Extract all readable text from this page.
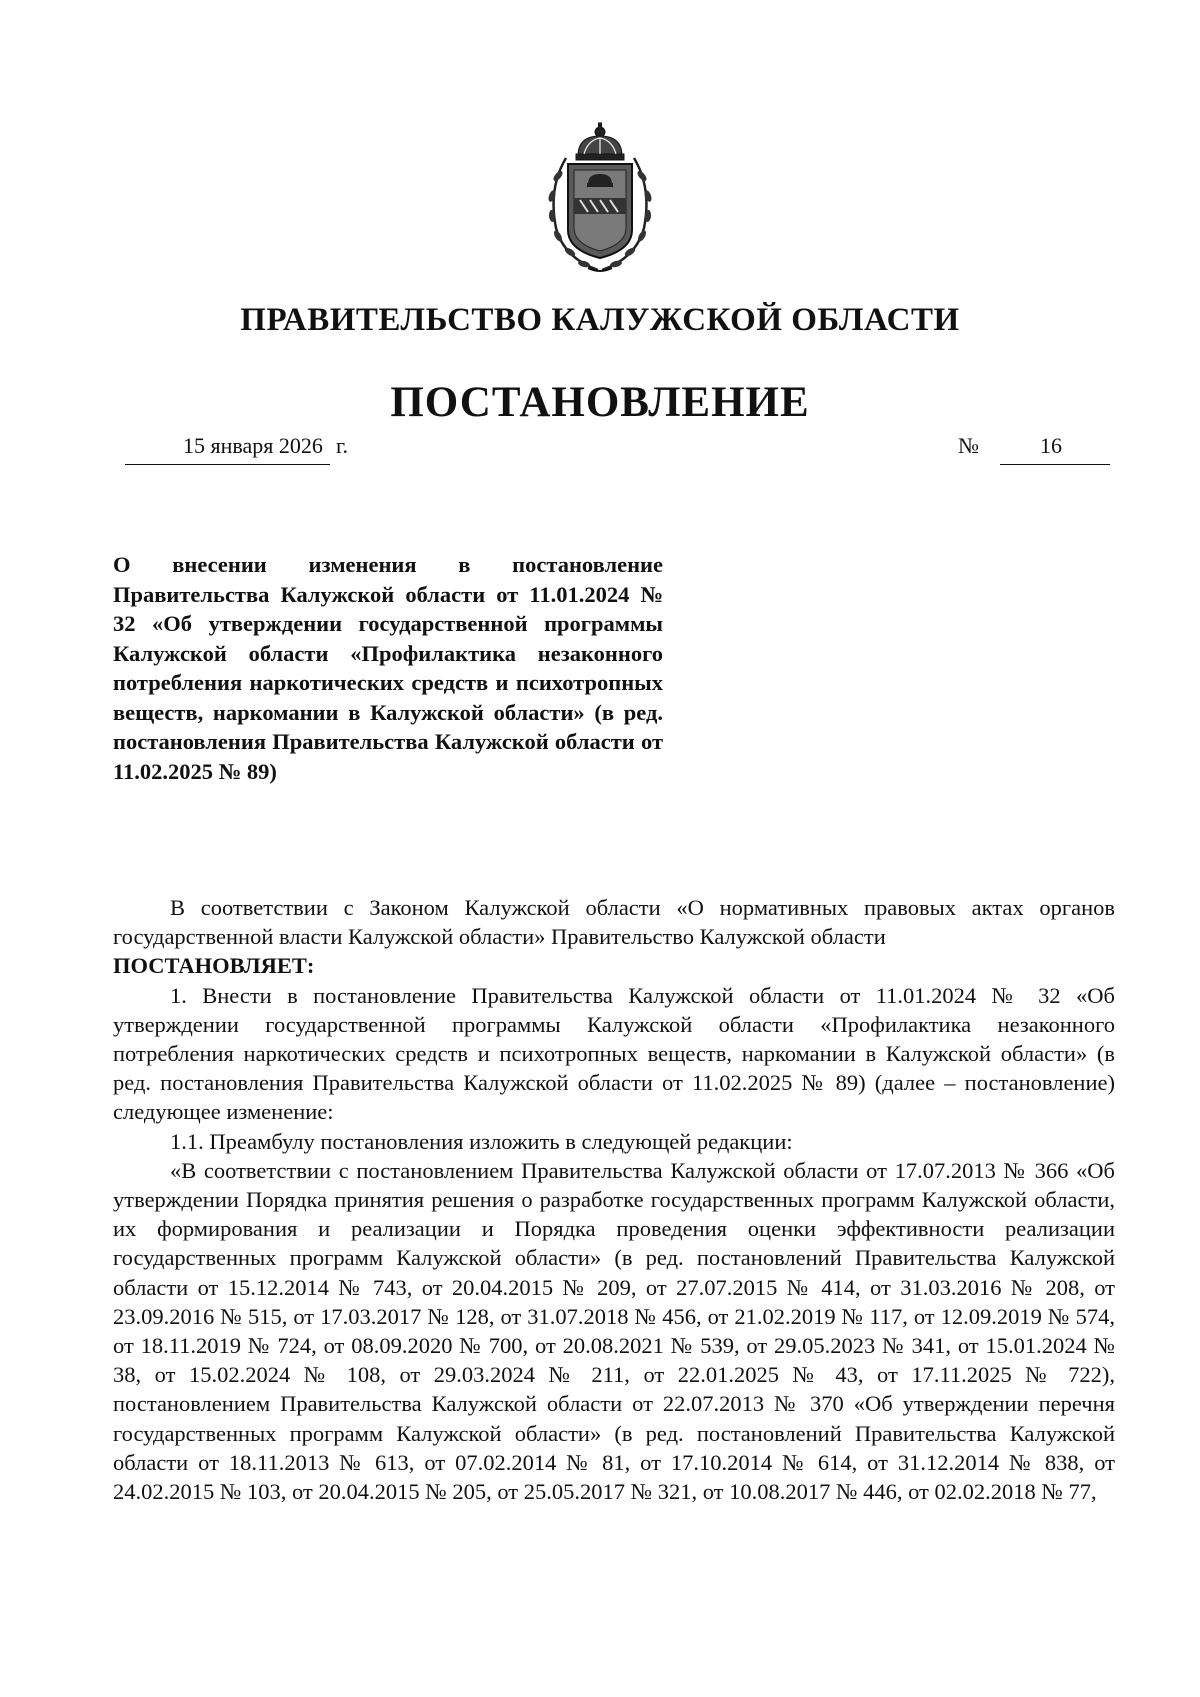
ПРАВИТЕЛЬСТВО КАЛУЖСКОЙ ОБЛАСТИ
ПОСТАНОВЛЕНИЕ
15 января 2026 г.	№	16
О внесении изменения в постановление Правительства Калужской области от 11.01.2024 № 32 «Об утверждении государственной программы Калужской области «Профилактика незаконного потребления наркотических средств и психотропных веществ, наркомании в Калужской области» (в ред. постановления Правительства Калужской области от 11.02.2025 № 89)

В соответствии с Законом Калужской области «О нормативных правовых актах органов государственной власти Калужской области» Правительство Калужской области

ПОСТАНОВЛЯЕТ:

1. Внести в постановление Правительства Калужской области от 11.01.2024 № 32 «Об утверждении государственной программы Калужской области «Профилактика незаконного потребления наркотических средств и психотропных веществ, наркомании в Калужской области» (в ред. постановления Правительства Калужской области от 11.02.2025 № 89) (далее – постановление) следующее изменение:

1.1. Преамбулу постановления изложить в следующей редакции:

«В соответствии с постановлением Правительства Калужской области от 17.07.2013 № 366 «Об утверждении Порядка принятия решения о разработке государственных программ Калужской области, их формирования и реализации и Порядка проведения оценки эффективности реализации государственных программ Калужской области» (в ред. постановлений Правительства Калужской области от 15.12.2014 № 743, от 20.04.2015 № 209, от 27.07.2015 № 414, от 31.03.2016 № 208, от 23.09.2016 № 515, от 17.03.2017 № 128, от 31.07.2018 № 456, от 21.02.2019 № 117, от 12.09.2019 № 574, от 18.11.2019 № 724, от 08.09.2020 № 700, от 20.08.2021 № 539, от 29.05.2023 № 341, от 15.01.2024 № 38, от 15.02.2024 № 108, от 29.03.2024 № 211, от 22.01.2025 № 43, от 17.11.2025 № 722), постановлением Правительства Калужской области от 22.07.2013 № 370 «Об утверждении перечня государственных программ Калужской области» (в ред. постановлений Правительства Калужской области от 18.11.2013 № 613, от 07.02.2014 № 81, от 17.10.2014 № 614, от 31.12.2014 № 838, от 24.02.2015 № 103, от 20.04.2015 № 205, от 25.05.2017 № 321, от 10.08.2017 № 446, от 02.02.2018 № 77,
